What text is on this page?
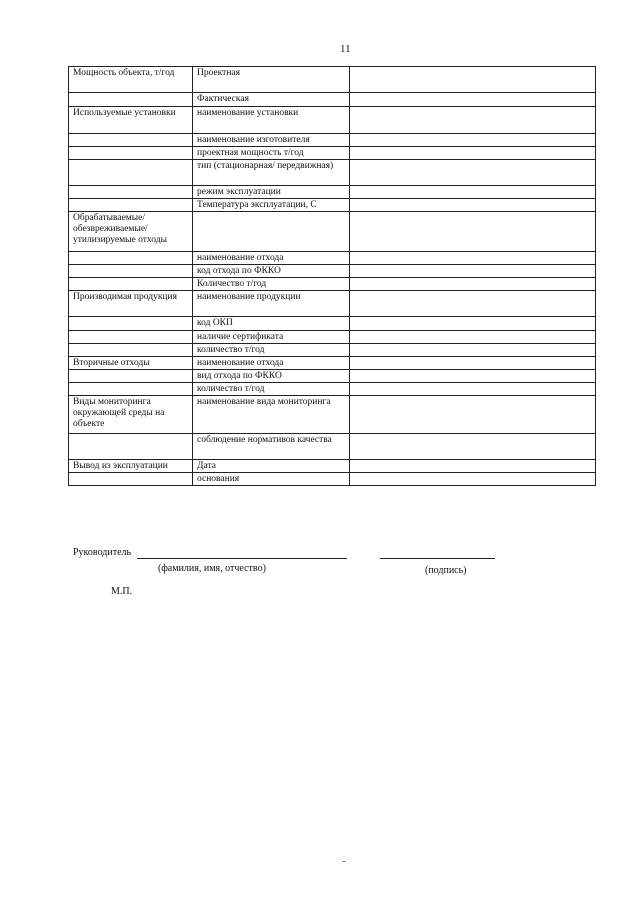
11
Мощность объекта, т/год	Проектная	
	Фактическая	
Используемые установки	наименование установки	
	наименование изготовителя	
	проектная мощность т/год	
	тип (стационарная/ передвижная)	
	режим эксплуатации	
	Температура эксплуатации, С	
Обрабатываемые/ обезвреживаемые/ утилизируемые отходы		
	наименование отхода	
	код отхода по ФККО	
	Количество т/год	
Производимая продукция	наименование продукции	
	код ОКП	
	наличие сертификата	
	количество т/год	
Вторичные отходы	наименование отхода	
	вид отхода по ФККО	
	количество т/год	
Виды мониторинга окружающей среды на объекте	наименование вида мониторинга	
	соблюдение нормативов качества	
Вывод из эксплуатации	Дата	
	основания	
Руководитель
(фамилия, имя, отчество)	(подпись)
М.П.
